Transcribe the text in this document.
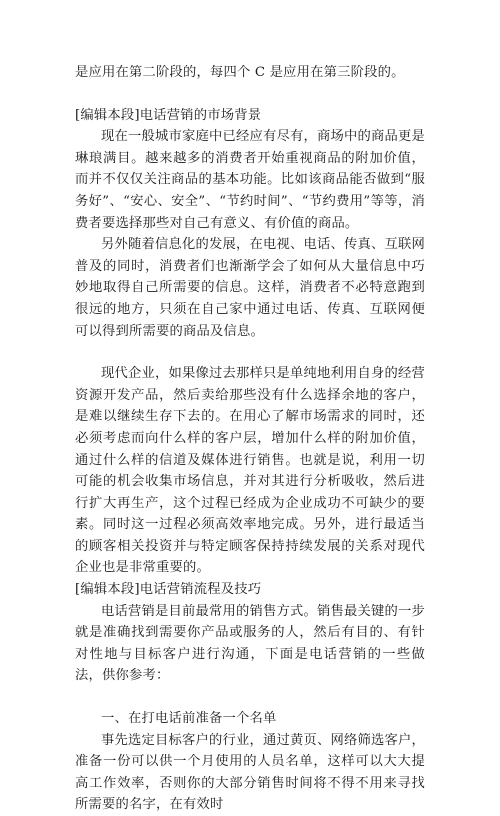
是应用在第二阶段的，每四个 C 是应用在第三阶段的。

[编辑本段]电话营销的市场背景

现在一般城市家庭中已经应有尽有，商场中的商品更是琳琅满目。越来越多的消费者开始重视商品的附加价值，而并不仅仅关注商品的基本功能。比如该商品能否做到“服务好”、“安心、安全”、“节约时间”、“节约费用”等等，消费者要选择那些对自己有意义、有价值的商品。

另外随着信息化的发展，在电视、电话、传真、互联网普及的同时，消费者们也渐渐学会了如何从大量信息中巧妙地取得自己所需要的信息。这样，消费者不必特意跑到很远的地方，只须在自己家中通过电话、传真、互联网便可以得到所需要的商品及信息。

现代企业，如果像过去那样只是单纯地利用自身的经营资源开发产品，然后卖给那些没有什么选择余地的客户，是难以继续生存下去的。在用心了解市场需求的同时，还必须考虑而向什么样的客户层，增加什么样的附加价值，通过什么样的信道及媒体进行销售。也就是说，利用一切可能的机会收集市场信息，并对其进行分析吸收，然后进行扩大再生产，这个过程已经成为企业成功不可缺少的要素。同时这一过程必须高效率地完成。另外，进行最适当的顾客相关投资并与特定顾客保持持续发展的关系对现代企业也是非常重要的。

[编辑本段]电话营销流程及技巧

电话营销是目前最常用的销售方式。销售最关键的一步就是准确找到需要你产品或服务的人，然后有目的、有针对性地与目标客户进行沟通，下面是电话营销的一些做法，供你参考：

一、在打电话前准备一个名单

事先选定目标客户的行业，通过黄页、网络筛选客户，准备一份可以供一个月使用的人员名单，这样可以大大提高工作效率，否则你的大部分销售时间将不得不用来寻找所需要的名字，在有效时
